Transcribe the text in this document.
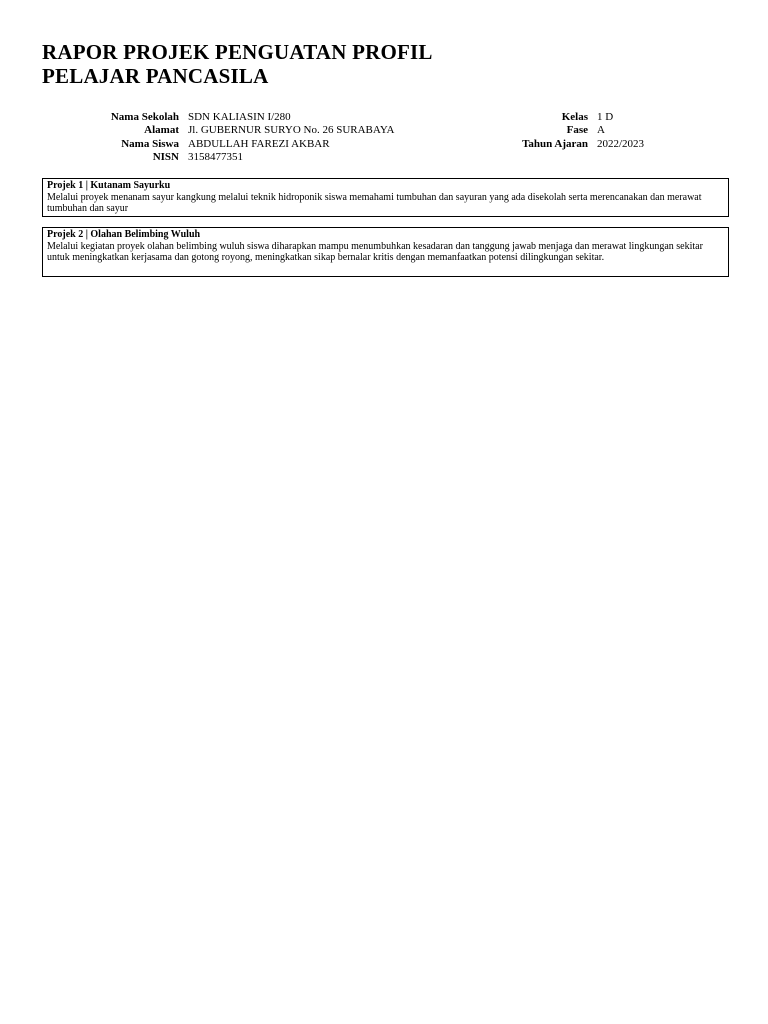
RAPOR PROJEK PENGUATAN PROFIL
PELAJAR PANCASILA
Nama Sekolah SDN KALIASIN I/280
Alamat Jl. GUBERNUR SURYO No. 26 SURABAYA
Nama Siswa ABDULLAH FAREZI AKBAR
NISN 3158477351
Kelas 1 D
Fase A
Tahun Ajaran 2022/2023
Projek 1 | Kutanam Sayurku
Melalui proyek menanam sayur kangkung melalui teknik hidroponik siswa memahami tumbuhan dan sayuran yang ada disekolah serta merencanakan dan merawat tumbuhan dan sayur
Projek 2 | Olahan Belimbing Wuluh
Melalui kegiatan proyek olahan belimbing wuluh siswa diharapkan mampu menumbuhkan kesadaran dan tanggung jawab menjaga dan merawat lingkungan sekitar untuk meningkatkan kerjasama dan gotong royong, meningkatkan sikap bernalar kritis dengan memanfaatkan potensi dilingkungan sekitar.
